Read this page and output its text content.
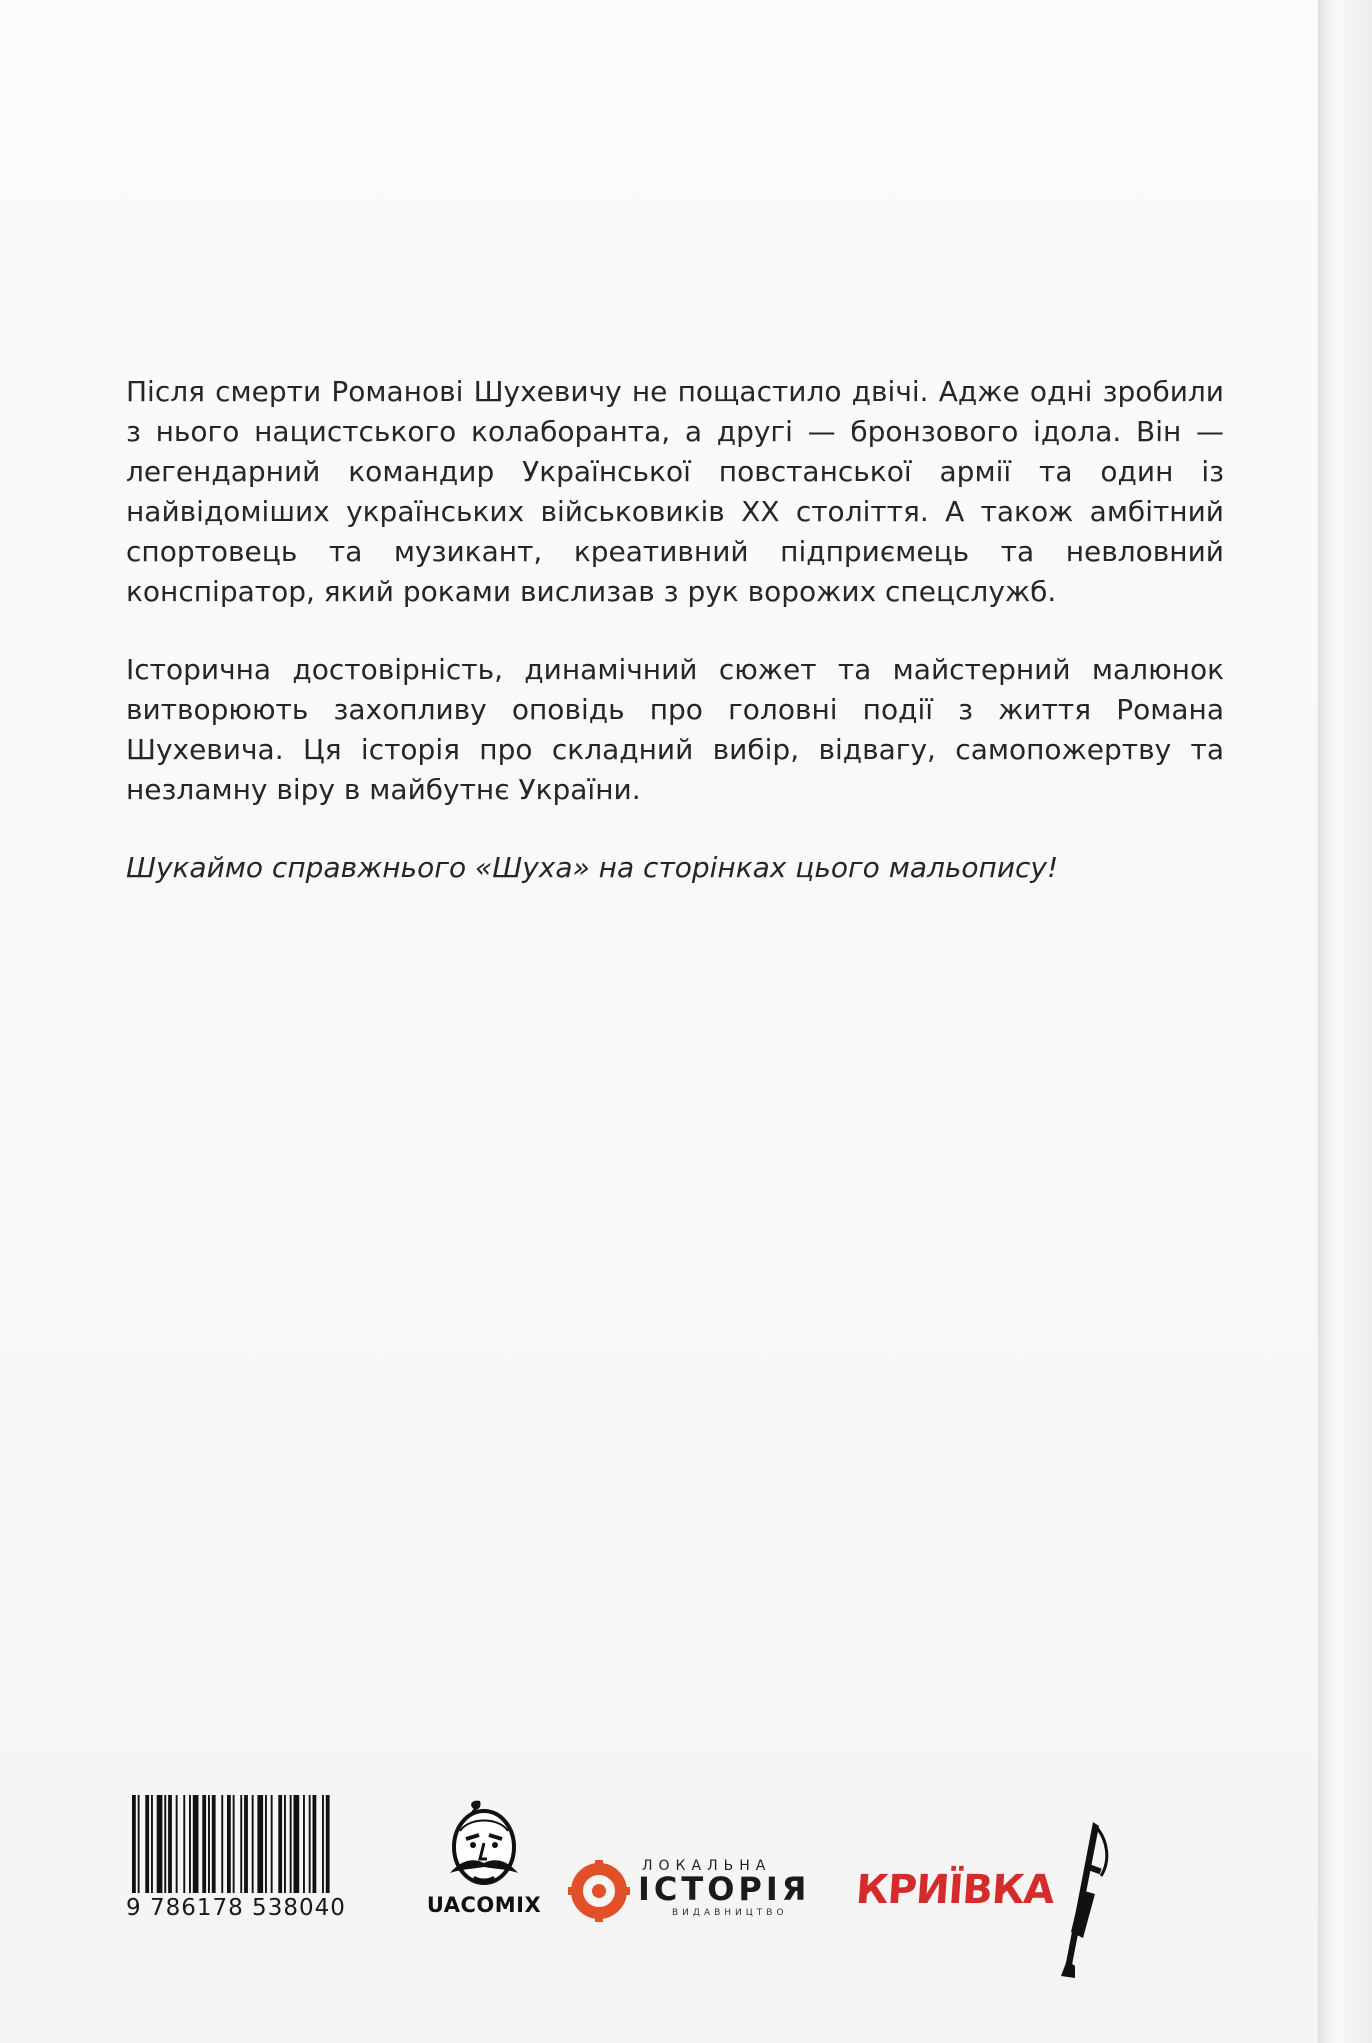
Після смерти Романові Шухевичу не пощастило двічі. Адже одні зробили з нього нацистського колаборанта, а другі — бронзового ідола. Він — легендарний командир Української повстанської армії та один із найвідоміших українських військовиків XX століття. А також амбітний спортовець та музикант, креативний підприємець та невловний конспіратор, який роками вислизав з рук ворожих спецслужб.

Історична достовірність, динамічний сюжет та майстерний малюнок витворюють захопливу оповідь про головні події з життя Романа Шухевича. Ця історія про складний вибір, відвагу, самопожертву та незламну віру в майбутнє України.

Шукаймо справжнього «Шуха» на сторінках цього мальопису!

9 786178 538040	UACOMIX
ЛОКАЛЬНА
ІСТОРІЯ
ВИДАВНИЦТВО КРИЇВКА
